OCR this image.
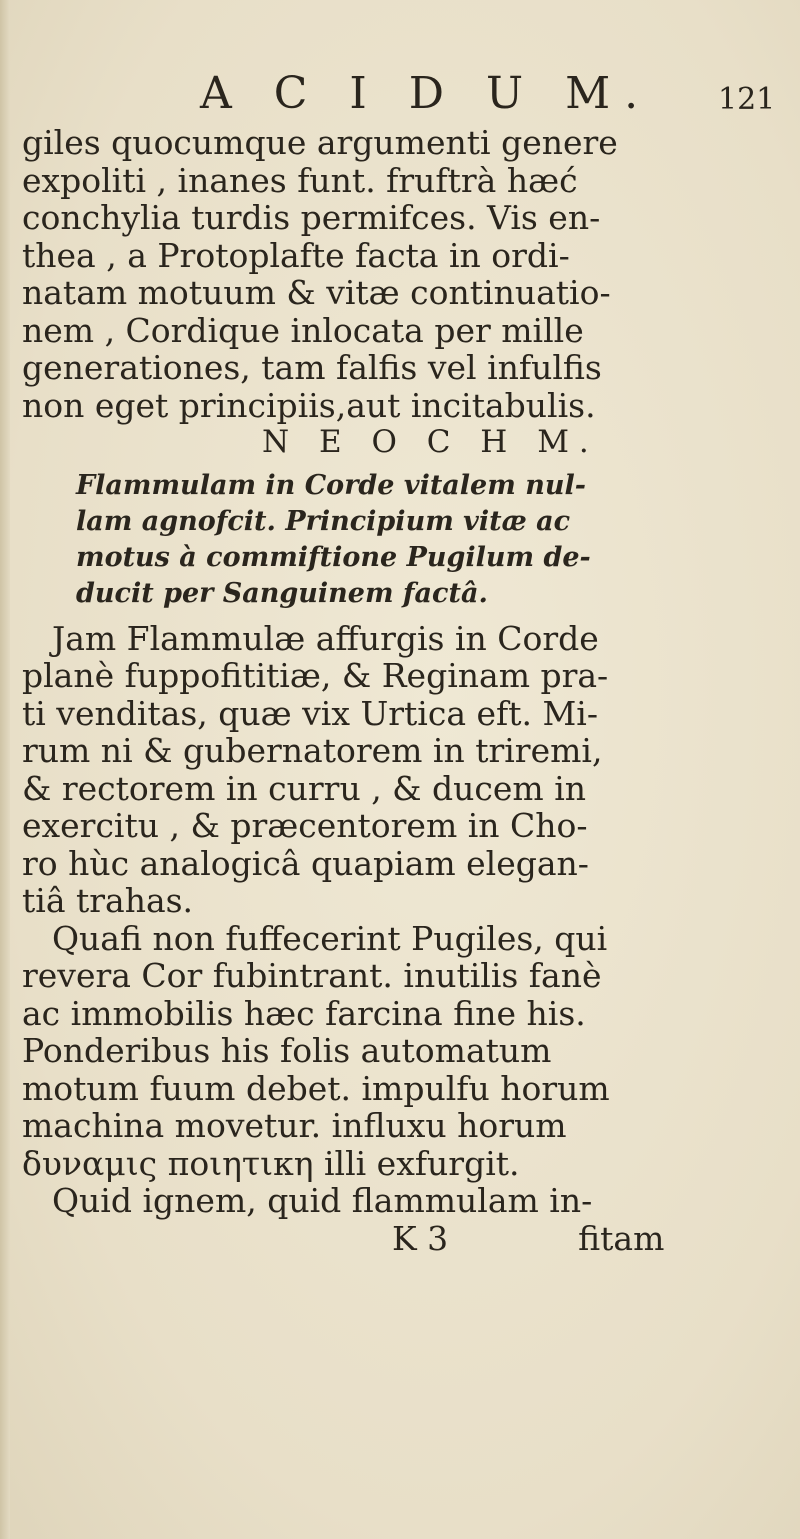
A C I D U M. 121

giles quocumque argumenti genere
expoliti , inanes funt. fruftrà hæć
conchylia turdis permifces. Vis en-
thea , a Protoplafte facta in ordi-
natam motuum & vitæ continuatio-
nem , Cordique inlocata per mille
generationes, tam falfis vel infulfis
non eget principiis,aut incitabulis.
N E O C H M.
Flammulam in Corde vitalem nul-
lam agnofcit. Principium vitæ ac
motus à commiftione Pugilum de-
ducit per Sanguinem factâ.
Jam Flammulæ affurgis in Corde
planè fuppofititiæ, & Reginam pra-
ti venditas, quæ vix Urtica eft. Mi-
rum ni & gubernatorem in triremi,
& rectorem in curru , & ducem in
exercitu , & præcentorem in Cho-
ro hùc analogicâ quapiam elegan-
tiâ trahas.
Quafi non fuffecerint Pugiles, qui
revera Cor fubintrant. inutilis fanè
ac immobilis hæc farcina fine his.
Ponderibus his folis automatum
motum fuum debet. impulfu horum
machina movetur. influxu horum
δυναμις ποιητικη illi exfurgit.
Quid ignem, quid flammulam in-
K 3	fitam
